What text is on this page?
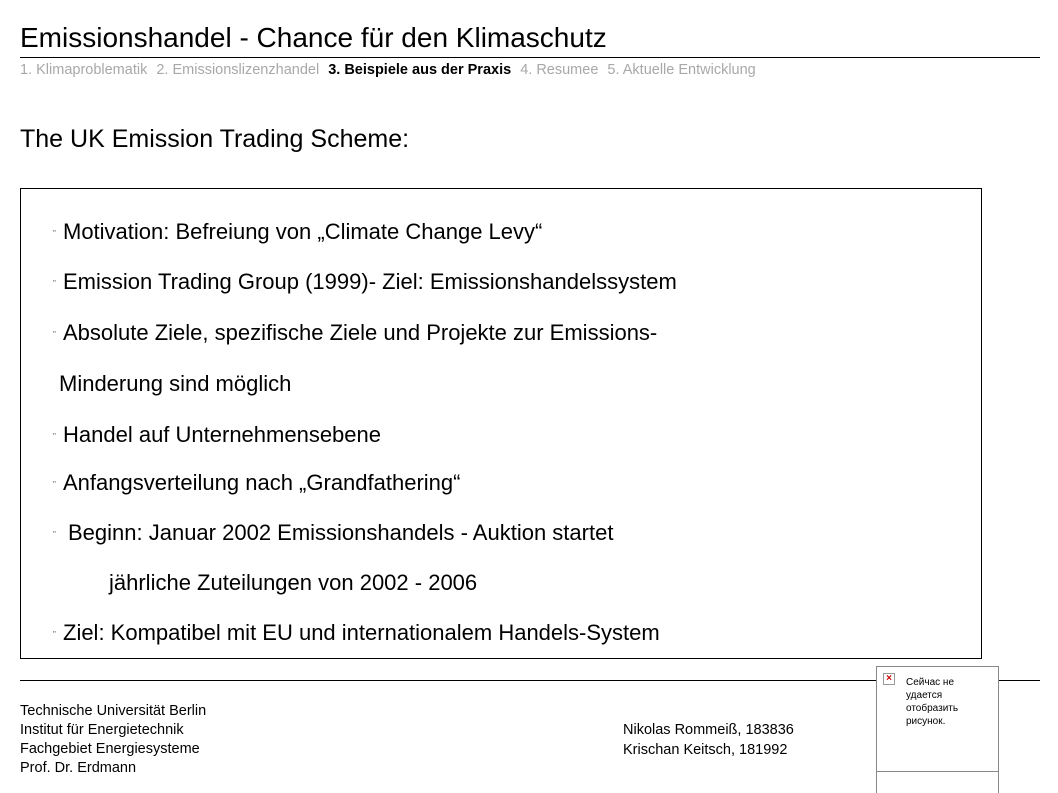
Emissionshandel - Chance für den Klimaschutz
1. Klimaproblematik 2. Emissionslizenzhandel 3. Beispiele aus der Praxis 4. Resumee 5. Aktuelle Entwicklung
The UK Emission Trading Scheme:
" Motivation: Befreiung von „Climate Change Levy“
" Emission Trading Group (1999)- Ziel: Emissionshandelssystem
" Absolute Ziele, spezifische Ziele und Projekte zur Emissions-
Minderung sind möglich
" Handel auf Unternehmensebene
" Anfangsverteilung nach „Grandfathering“
" Beginn: Januar 2002 Emissionshandels - Auktion startet
jährliche Zuteilungen von 2002 - 2006
" Ziel: Kompatibel mit EU und internationalem Handels-System
Technische Universität Berlin
Institut für Energietechnik
Fachgebiet Energiesysteme
Prof. Dr. Erdmann
Nikolas Rommeiß, 183836
Krischan Keitsch, 181992
×	Сейчас не
удается
отобразить
рисунок.
